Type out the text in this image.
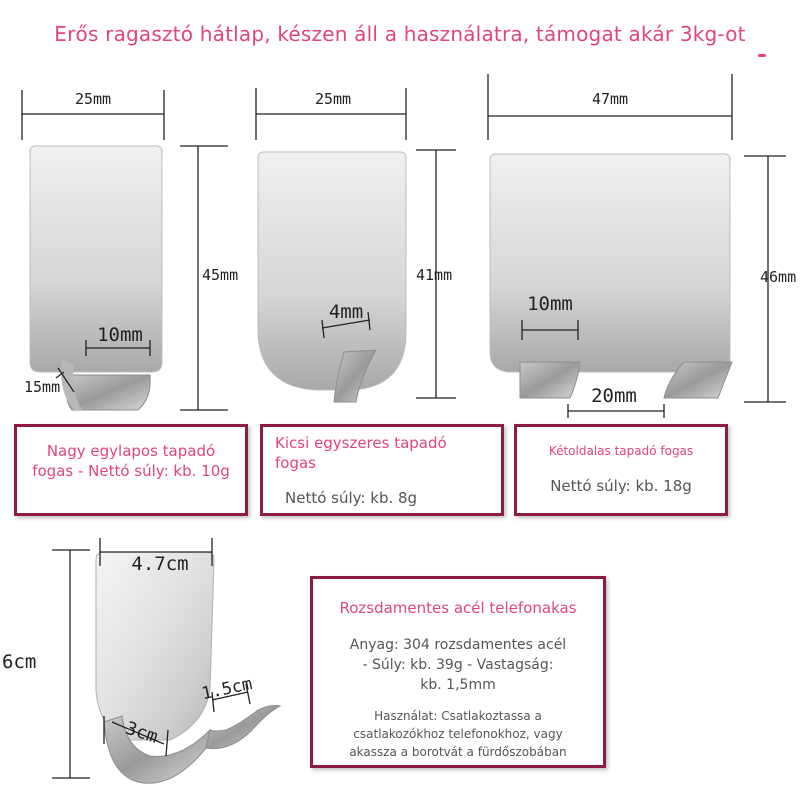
Erős ragasztó hátlap, készen áll a használatra, támogat akár 3kg-ot
25mm
45mm
10mm
15mm
25mm
41mm
4mm
47mm
46mm
10mm
20mm
4.7cm
6cm
1.5cm
3cm
Nagy egylapos tapadó fogas - Nettó súly: kb. 10g
Kicsi egyszeres tapadó fogas
Nettó súly: kb. 8g
Kétoldalas tapadó fogas
Nettó súly: kb. 18g
Rozsdamentes acél telefonakas
Anyag: 304 rozsdamentes acél
- Súly: kb. 39g - Vastagság:
kb. 1,5mm
Használat: Csatlakoztassa a
csatlakozókhoz telefonokhoz, vagy
akassza a borotvát a fürdőszobában
